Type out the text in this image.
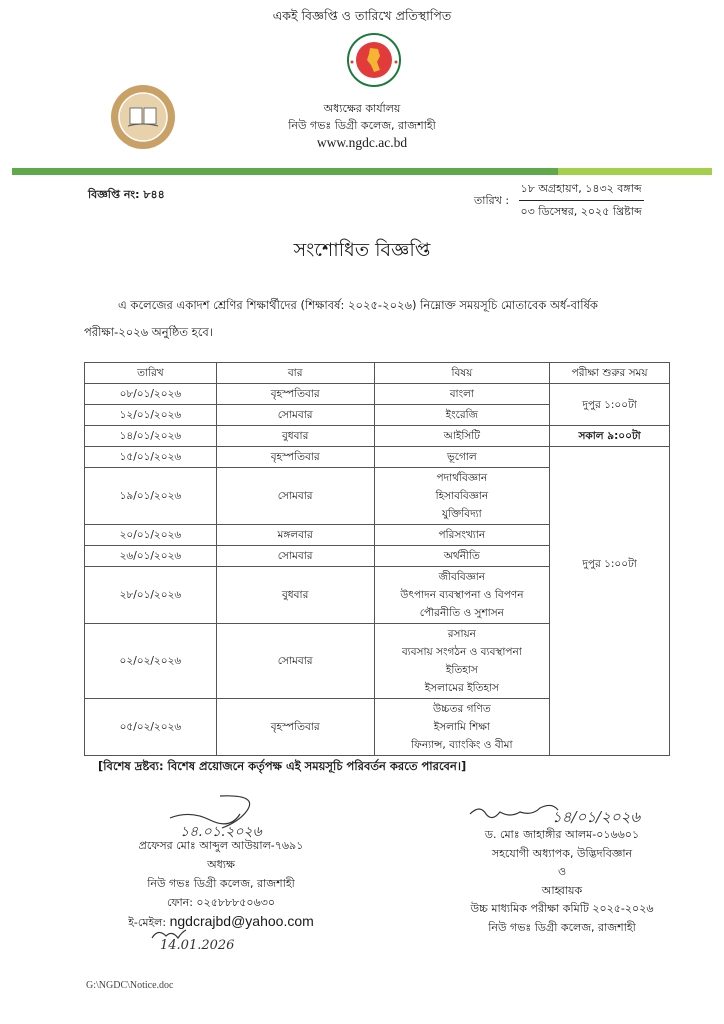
একই বিজ্ঞপ্তি ও তারিখে প্রতিস্থাপিত
অধ্যক্ষের কার্যালয়
নিউ গভঃ ডিগ্রী কলেজ, রাজশাহী
www.ngdc.ac.bd
বিজ্ঞপ্তি নং: ৮৪৪	তারিখ : $\frac{\text{১৮ অগ্রহায়ণ, ১৪৩২ বঙ্গাব্দ}}{\text{০৩ ডিসেম্বর, ২০২৫ খ্রিষ্টাব্দ}}$
সংশোধিত বিজ্ঞপ্তি
এ কলেজের একাদশ শ্রেণির শিক্ষার্থীদের (শিক্ষাবর্ষ: ২০২৫-২০২৬) নিম্নোক্ত সময়সূচি মোতাবেক অর্ধ-বার্ষিক পরীক্ষা-২০২৬ অনুষ্ঠিত হবে।
তারিখ	বার	বিষয়	পরীক্ষা শুরুর সময়
০৮/০১/২০২৬	বৃহস্পতিবার	বাংলা	দুপুর ১:০০টা
১২/০১/২০২৬	সোমবার	ইংরেজি	

১৪/০১/২০২৬	বুধবার	আইসিটি	সকাল ৯:০০টা
১৫/০১/২০২৬	বৃহস্পতিবার	ভূগোল	দুপুর ১:০০টা
১৯/০১/২০২৬	সোমবার	পদার্থবিজ্ঞান
হিসাববিজ্ঞান
যুক্তিবিদ্যা	

২০/০১/২০২৬	মঙ্গলবার	পরিসংখ্যান	

২৬/০১/২০২৬	সোমবার	অর্থনীতি	

২৮/০১/২০২৬	বুধবার	জীববিজ্ঞান
উৎপাদন ব্যবস্থাপনা ও বিপণন
পৌরনীতি ও সুশাসন	

০২/০২/২০২৬	সোমবার	রসায়ন
ব্যবসায় সংগঠন ও ব্যবস্থাপনা
ইতিহাস
ইসলামের ইতিহাস	

০৫/০২/২০২৬	বৃহস্পতিবার	উচ্চতর গণিত
ইসলামি শিক্ষা
ফিন্যান্স, ব্যাংকিং ও বীমা	
[বিশেষ দ্রষ্টব্য: বিশেষ প্রয়োজনে কর্তৃপক্ষ এই সময়সূচি পরিবর্তন করতে পারবেন।]
১৪.০১.২০২৬
প্রফেসর মোঃ আব্দুল আউয়াল-৭৬৯১
অধ্যক্ষ
নিউ গভঃ ডিগ্রী কলেজ, রাজশাহী
ফোন: ০২৫৮৮৮৫০৬৩০
ই-মেইল: ngdcrajbd@yahoo.com
14.01.2026
১৪/০১/২০২৬
ড. মোঃ জাহাঙ্গীর আলম-০১৬৬০১
সহযোগী অধ্যাপক, উদ্ভিদবিজ্ঞান
ও
আহ্বায়ক
উচ্চ মাধ্যমিক পরীক্ষা কমিটি ২০২৫-২০২৬
নিউ গভঃ ডিগ্রী কলেজ, রাজশাহী
G:\NGDC\Notice.doc
